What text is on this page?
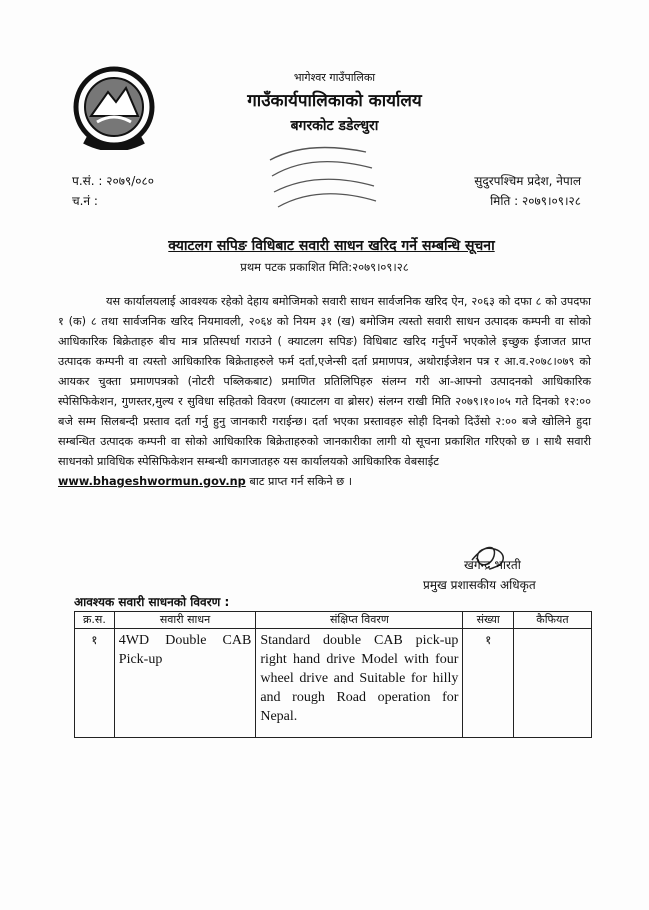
भागेश्वर गाउँपालिका
गाउँकार्यपालिकाको कार्यालय
बगरकोट डडेल्धुरा
प.सं. : २०७९/०८०
च.नं :
सुदुरपश्चिम प्रदेश, नेपाल
मिति : २०७९।०९।२८
क्याटलग सपिङ विधिबाट सवारी साधन खरिद गर्ने सम्बन्धि सूचना
प्रथम पटक प्रकाशित मिति:२०७९।०९।२८
यस कार्यालयलाई आवश्यक रहेको देहाय बमोजिमको सवारी साधन सार्वजनिक खरिद ऐन, २०६३ को दफा ८ को उपदफा १ (क) ८ तथा सार्वजनिक खरिद नियमावली, २०६४ को नियम ३१ (ख) बमोजिम त्यस्तो सवारी साधन उत्पादक कम्पनी वा सोको आधिकारिक बिक्रेताहरु बीच मात्र प्रतिस्पर्धा गराउने ( क्याटलग सपिङ) विधिबाट खरिद गर्नुपर्ने भएकोले इच्छुक ईजाजत प्राप्त उत्पादक कम्पनी वा त्यस्तो आधिकारिक बिक्रेताहरुले फर्म दर्ता,एजेन्सी दर्ता प्रमाणपत्र, अथोराईजेशन पत्र र आ.व.२०७८।०७९ को आयकर चुक्ता प्रमाणपत्रको (नोटरी पब्लिकबाट) प्रमाणित प्रतिलिपिहरु संलग्न गरी आ-आफ्नो उत्पादनको आधिकारिक स्पेसिफिकेशन, गुणस्तर,मुल्य र सुविधा सहितको विवरण (क्याटलग वा ब्रोसर) संलग्न राखी मिति २०७९।१०।०५ गते दिनको १२:०० बजे सम्म सिलबन्दी प्रस्ताव दर्ता गर्नु हुनु जानकारी गराईन्छ। दर्ता भएका प्रस्तावहरु सोही दिनको दिउँसो २:०० बजे खोलिने हुदा सम्बन्धित उत्पादक कम्पनी वा सोको आधिकारिक बिक्रेताहरुको जानकारीका लागी यो सूचना प्रकाशित गरिएको छ । साथै सवारी साधनको प्राविधिक स्पेसिफिकेशन सम्बन्धी कागजातहरु यस कार्यालयको आधिकारिक वेबसाईट
www.bhageshwormun.gov.np बाट प्राप्त गर्न सकिने छ ।
खगेन्द्र भारती
प्रमुख प्रशासकीय अधिकृत
आवश्यक सवारी साधनको विवरण :
क्र.स.	सवारी साधन	संक्षिप्त विवरण	संख्या	कैफियत
१	4WD Double CAB Pick-up	Standard double CAB pick-up right hand drive Model with four wheel drive and Suitable for hilly and rough Road operation for Nepal.	१	
